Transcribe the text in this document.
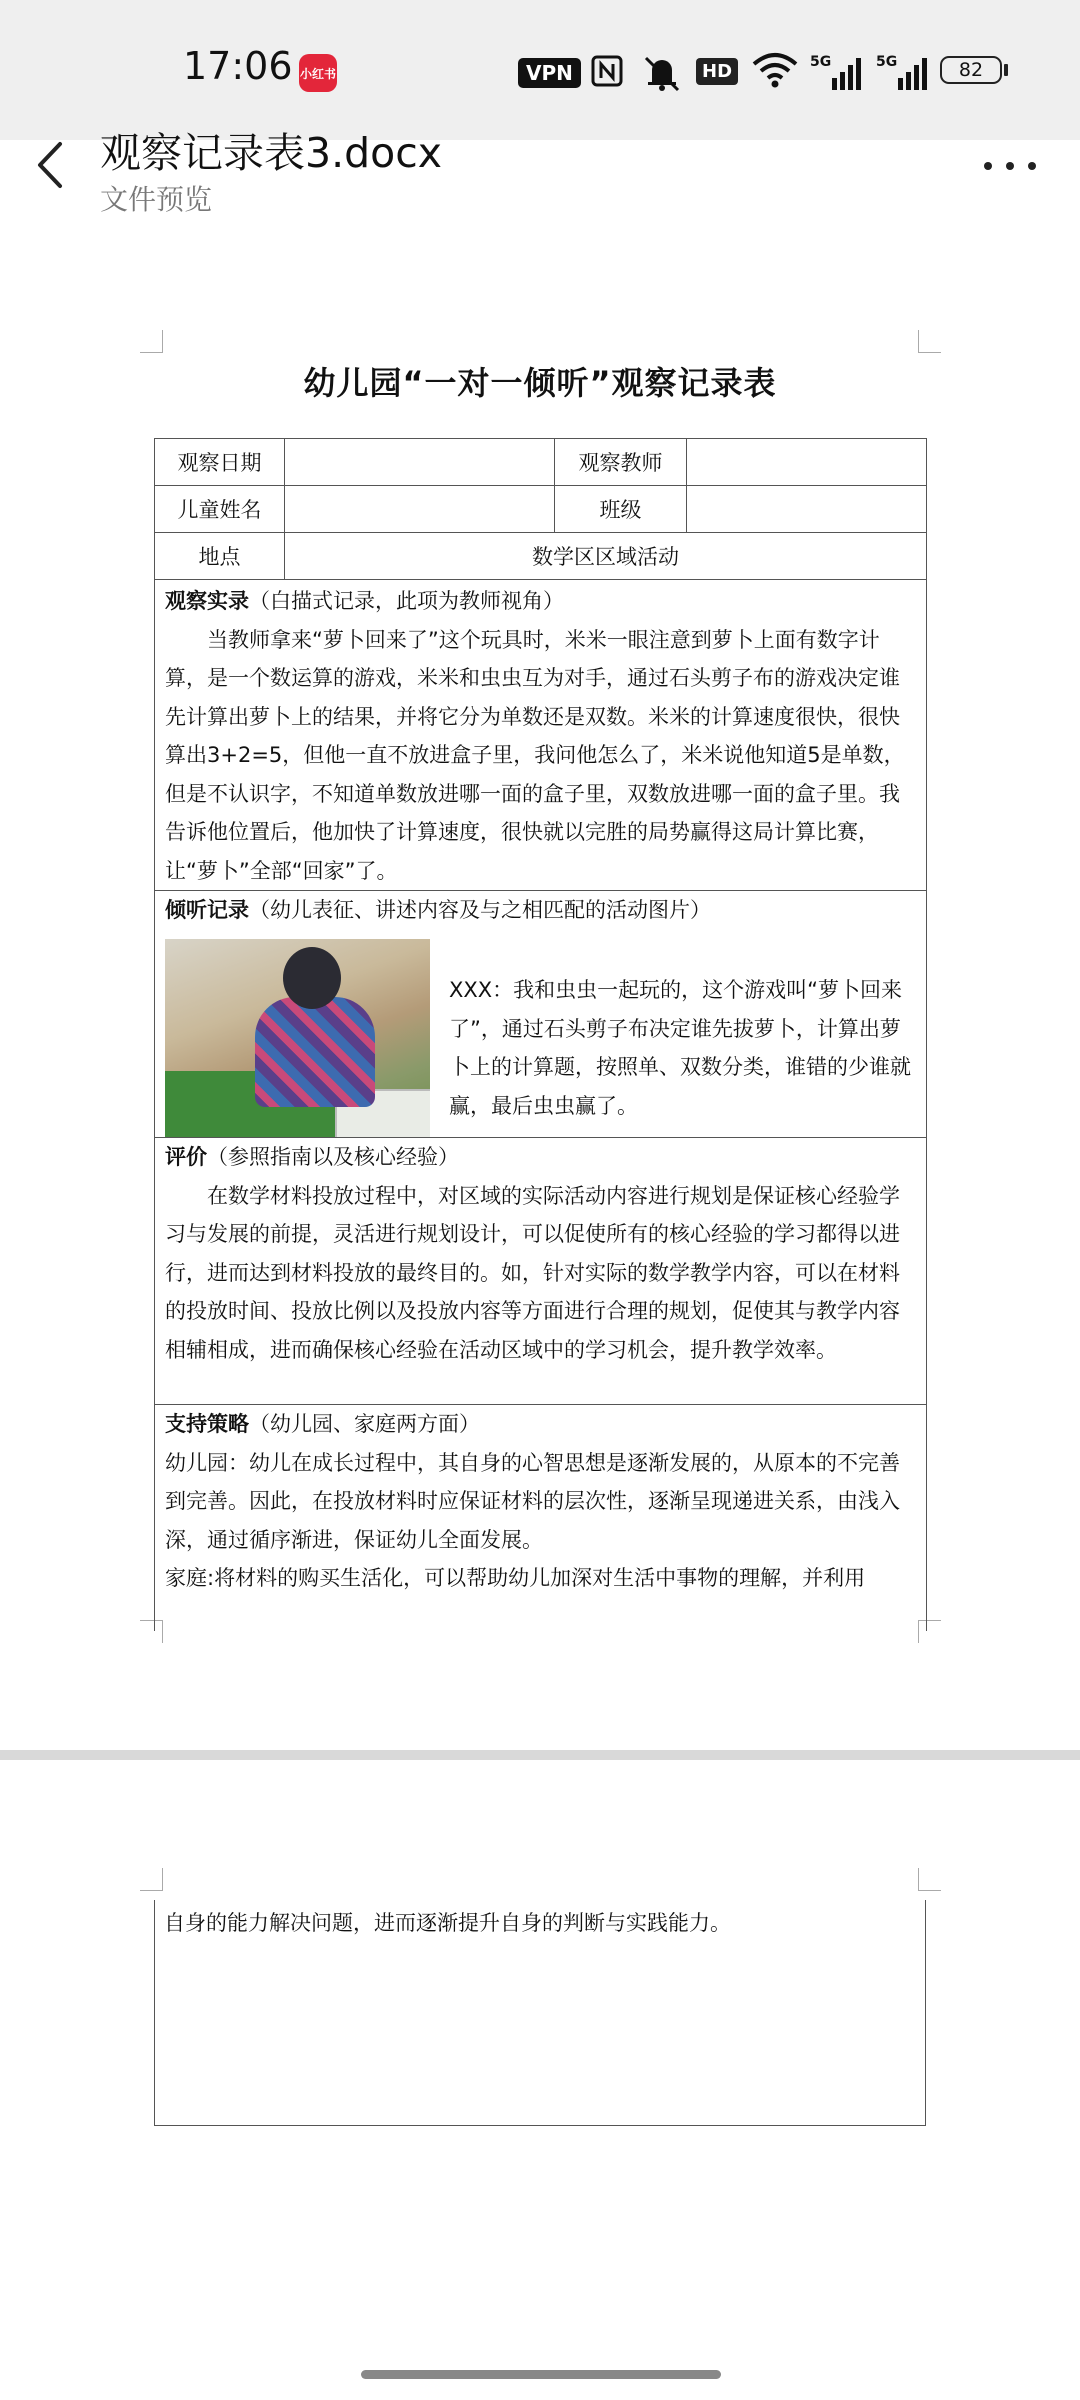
17:06 小红书	VPN	HD	5G	5G	82
观察记录表3.docx
文件预览
幼儿园“一对一倾听”观察记录表
观察日期		观察教师	
儿童姓名		班级	
地点	数学区区域活动		

观察实录（白描式记录，此项为教师视角）
当教师拿来“萝卜回来了”这个玩具时，米米一眼注意到萝卜上面有数字计算，是一个数运算的游戏，米米和虫虫互为对手，通过石头剪子布的游戏决定谁先计算出萝卜上的结果，并将它分为单数还是双数。米米的计算速度很快，很快算出3+2=5，但他一直不放进盒子里，我问他怎么了，米米说他知道5是单数，但是不认识字，不知道单数放进哪一面的盒子里，双数放进哪一面的盒子里。我告诉他位置后，他加快了计算速度，很快就以完胜的局势赢得这局计算比赛，让“萝卜”全部“回家”了。			

倾听记录（幼儿表征、讲述内容及与之相匹配的活动图片）
XXX：我和虫虫一起玩的，这个游戏叫“萝卜回来了”，通过石头剪子布决定谁先拔萝卜，计算出萝卜上的计算题，按照单、双数分类，谁错的少谁就赢，最后虫虫赢了。			

评价（参照指南以及核心经验）
在数学材料投放过程中，对区域的实际活动内容进行规划是保证核心经验学习与发展的前提，灵活进行规划设计，可以促使所有的核心经验的学习都得以进行，进而达到材料投放的最终目的。如，针对实际的数学教学内容，可以在材料的投放时间、投放比例以及投放内容等方面进行合理的规划，促使其与教学内容相辅相成，进而确保核心经验在活动区域中的学习机会，提升教学效率。			

支持策略（幼儿园、家庭两方面）
幼儿园：幼儿在成长过程中，其自身的心智思想是逐渐发展的，从原本的不完善到完善。因此，在投放材料时应保证材料的层次性，逐渐呈现递进关系，由浅入深，通过循序渐进，保证幼儿全面发展。
家庭:将材料的购买生活化，可以帮助幼儿加深对生活中事物的理解，并利用			
自身的能力解决问题，进而逐渐提升自身的判断与实践能力。
